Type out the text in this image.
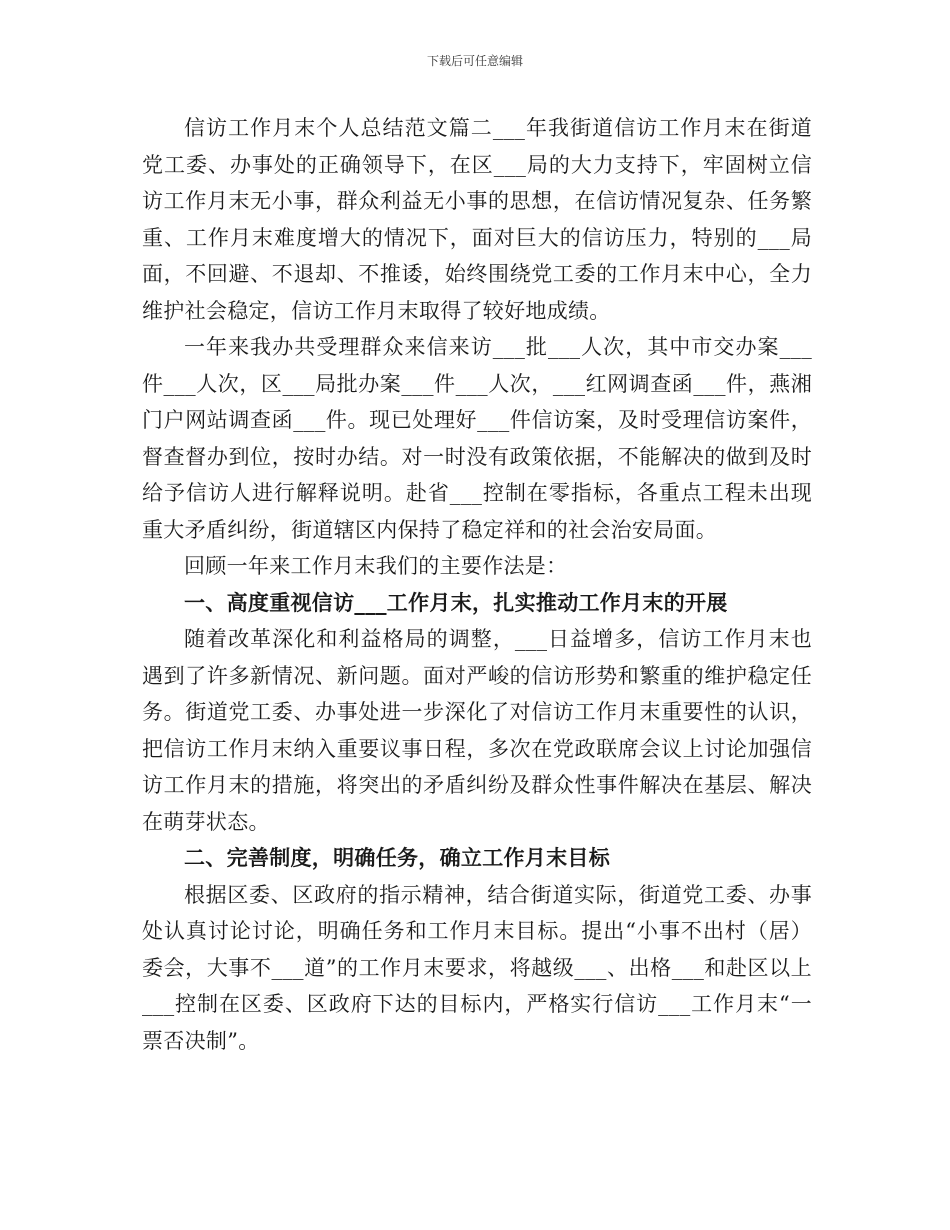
下载后可任意编辑

信访工作月末个人总结范文篇二___年我街道信访工作月末在街道党工委、办事处的正确领导下，在区___局的大力支持下，牢固树立信访工作月末无小事，群众利益无小事的思想，在信访情况复杂、任务繁重、工作月末难度增大的情况下，面对巨大的信访压力，特别的___局面，不回避、不退却、不推诿，始终围绕党工委的工作月末中心，全力维护社会稳定，信访工作月末取得了较好地成绩。

一年来我办共受理群众来信来访___批___人次，其中市交办案___件___人次，区___局批办案___件___人次，___红网调查函___件，燕湘门户网站调查函___件。现已处理好___件信访案，及时受理信访案件，督查督办到位，按时办结。对一时没有政策依据，不能解决的做到及时给予信访人进行解释说明。赴省___控制在零指标，各重点工程未出现重大矛盾纠纷，街道辖区内保持了稳定祥和的社会治安局面。

回顾一年来工作月末我们的主要作法是：

一、高度重视信访___工作月末，扎实推动工作月末的开展

随着改革深化和利益格局的调整，___日益增多，信访工作月末也遇到了许多新情况、新问题。面对严峻的信访形势和繁重的维护稳定任务。街道党工委、办事处进一步深化了对信访工作月末重要性的认识，把信访工作月末纳入重要议事日程，多次在党政联席会议上讨论加强信访工作月末的措施，将突出的矛盾纠纷及群众性事件解决在基层、解决在萌芽状态。

二、完善制度，明确任务，确立工作月末目标

根据区委、区政府的指示精神，结合街道实际，街道党工委、办事处认真讨论讨论，明确任务和工作月末目标。提出“小事不出村（居）委会，大事不___道”的工作月末要求，将越级___、出格___和赴区以上___控制在区委、区政府下达的目标内，严格实行信访___工作月末“一票否决制”。
